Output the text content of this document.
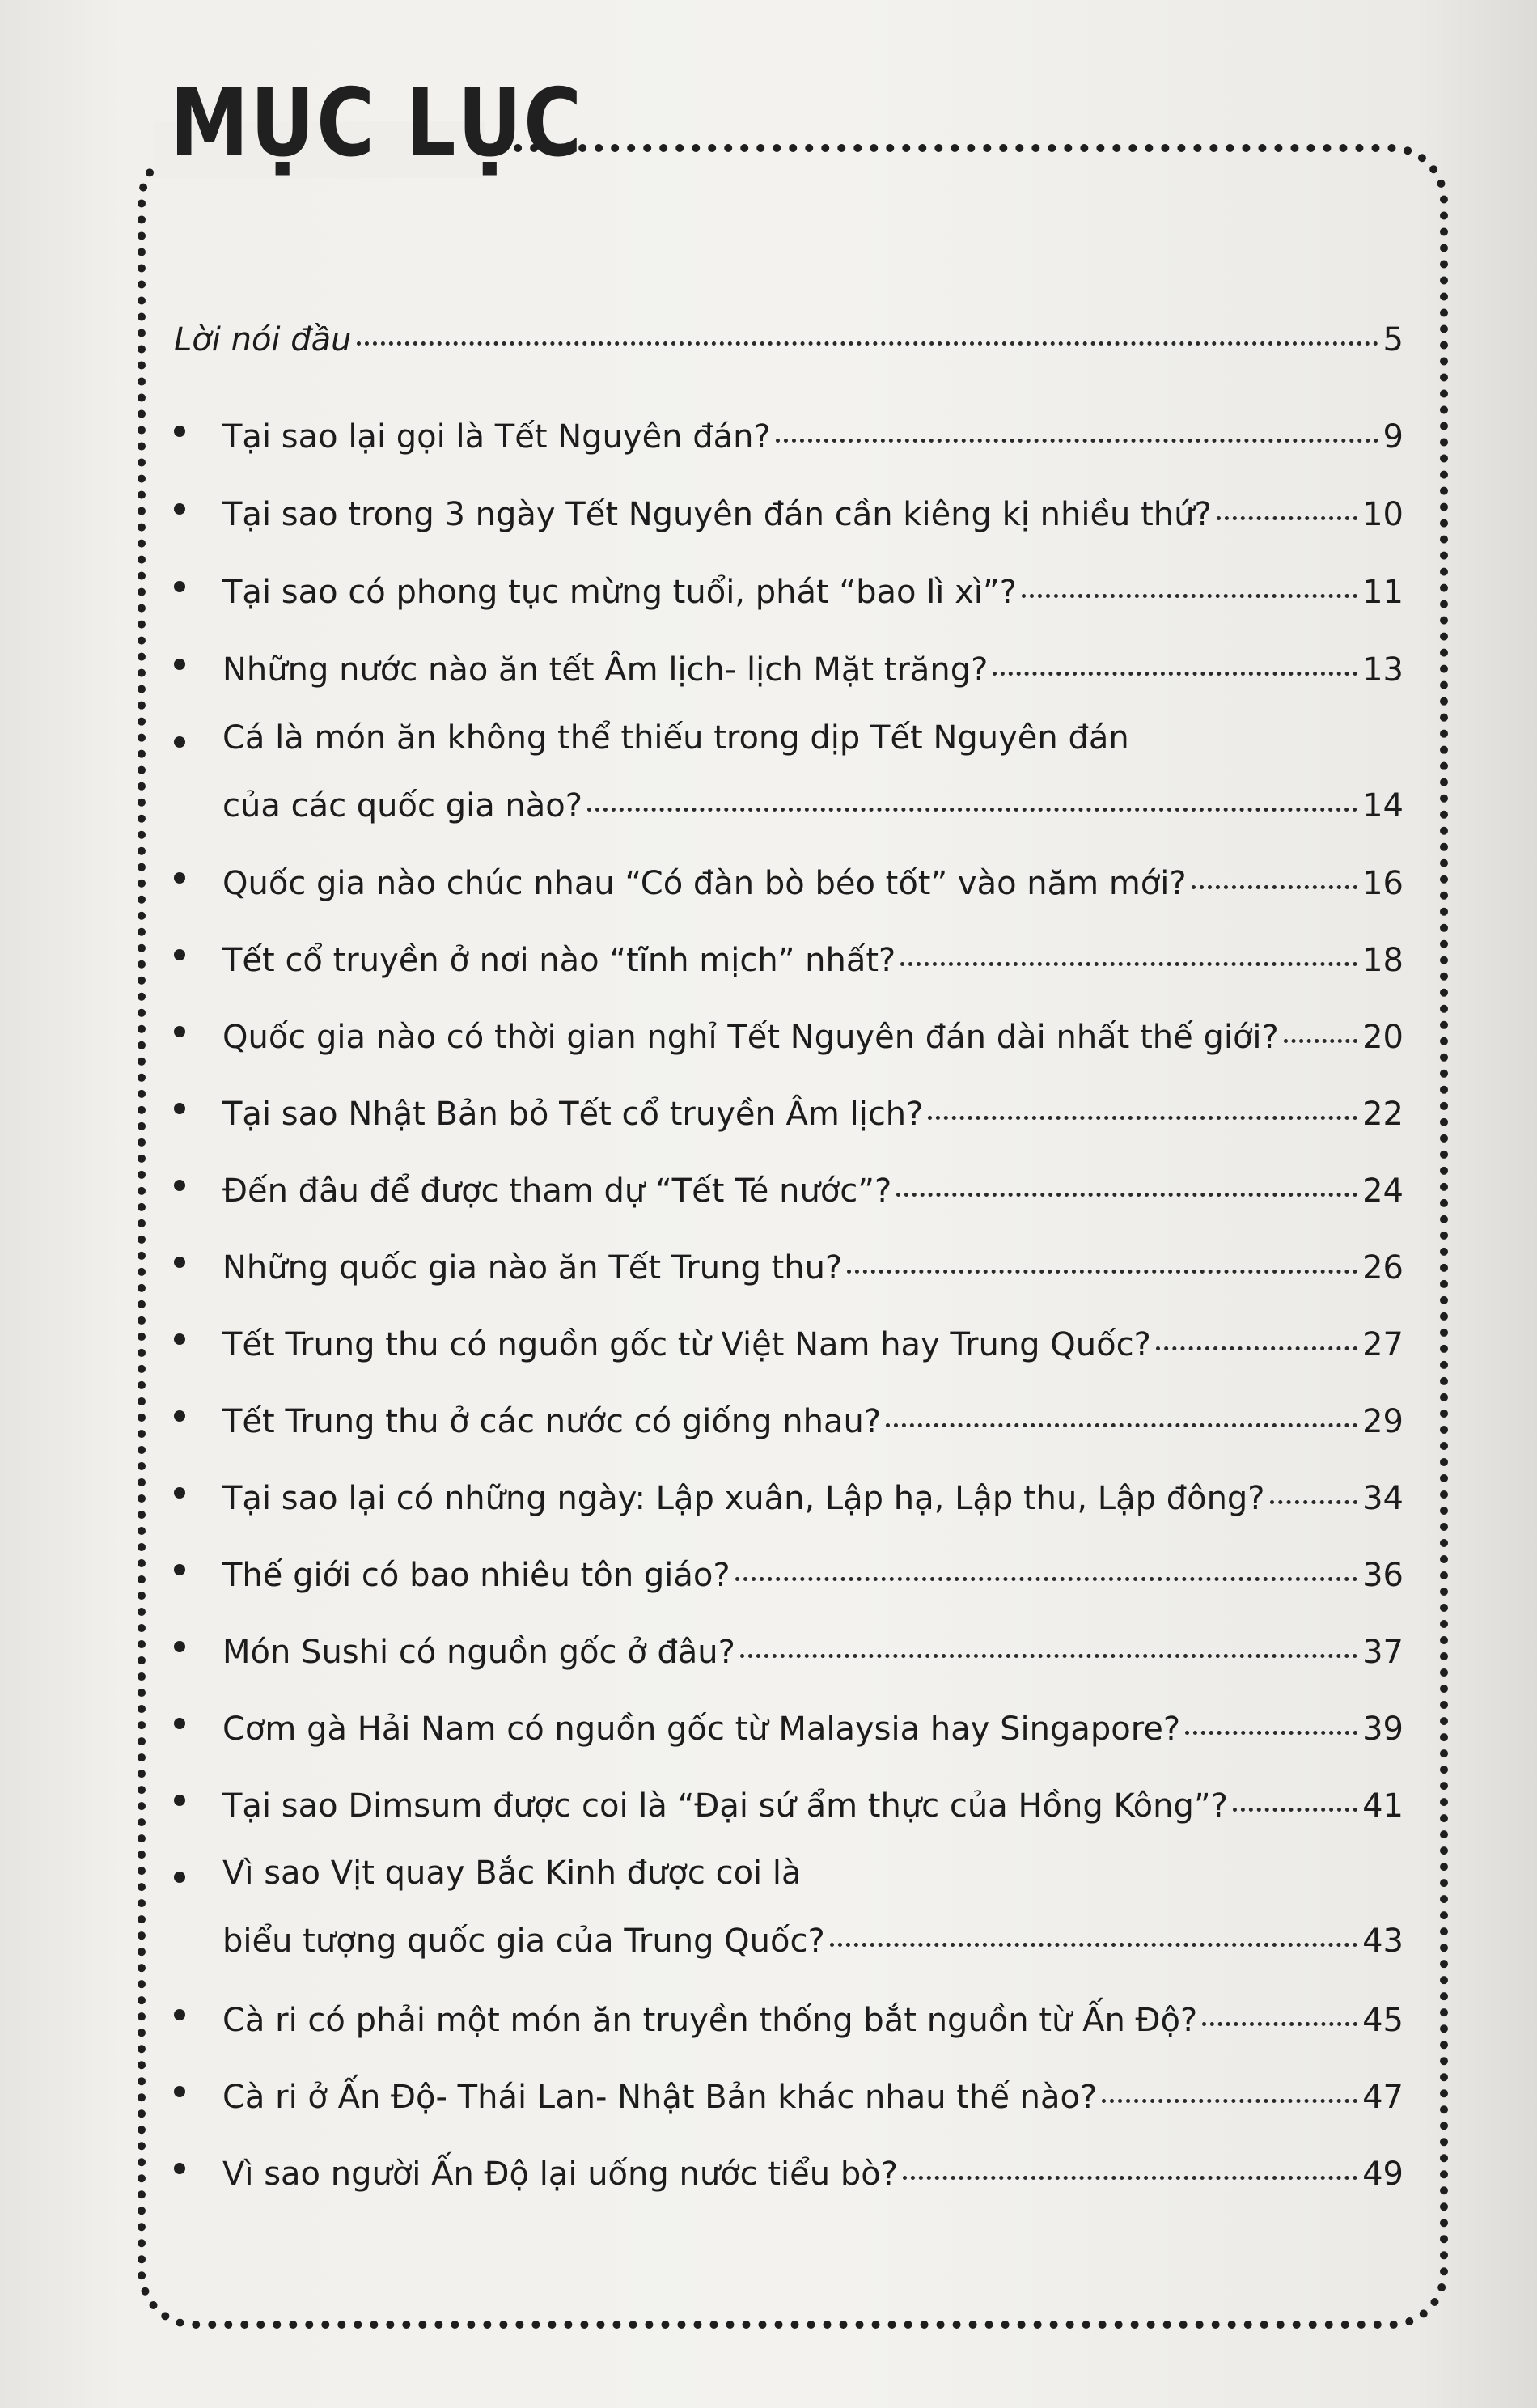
MỤC LỤC
Lời nói đầu	5
Tại sao lại gọi là Tết Nguyên đán?	9
Tại sao trong 3 ngày Tết Nguyên đán cần kiêng kị nhiều thứ?	10
Tại sao có phong tục mừng tuổi, phát “bao lì xì”?	11
Những nước nào ăn tết Âm lịch- lịch Mặt trăng?	13
Cá là món ăn không thể thiếu trong dịp Tết Nguyên đán
của các quốc gia nào?	14
Quốc gia nào chúc nhau “Có đàn bò béo tốt” vào năm mới?	16
Tết cổ truyền ở nơi nào “tĩnh mịch” nhất?	18
Quốc gia nào có thời gian nghỉ Tết Nguyên đán dài nhất thế giới?	20
Tại sao Nhật Bản bỏ Tết cổ truyền Âm lịch?	22
Đến đâu để được tham dự “Tết Té nước”?	24
Những quốc gia nào ăn Tết Trung thu?	26
Tết Trung thu có nguồn gốc từ Việt Nam hay Trung Quốc?	27
Tết Trung thu ở các nước có giống nhau?	29
Tại sao lại có những ngày: Lập xuân, Lập hạ, Lập thu, Lập đông?	34
Thế giới có bao nhiêu tôn giáo?	36
Món Sushi có nguồn gốc ở đâu?	37
Cơm gà Hải Nam có nguồn gốc từ Malaysia hay Singapore?	39
Tại sao Dimsum được coi là “Đại sứ ẩm thực của Hồng Kông”?	41
Vì sao Vịt quay Bắc Kinh được coi là
biểu tượng quốc gia của Trung Quốc?	43
Cà ri có phải một món ăn truyền thống bắt nguồn từ Ấn Độ?	45
Cà ri ở Ấn Độ- Thái Lan- Nhật Bản khác nhau thế nào?	47
Vì sao người Ấn Độ lại uống nước tiểu bò?	49
